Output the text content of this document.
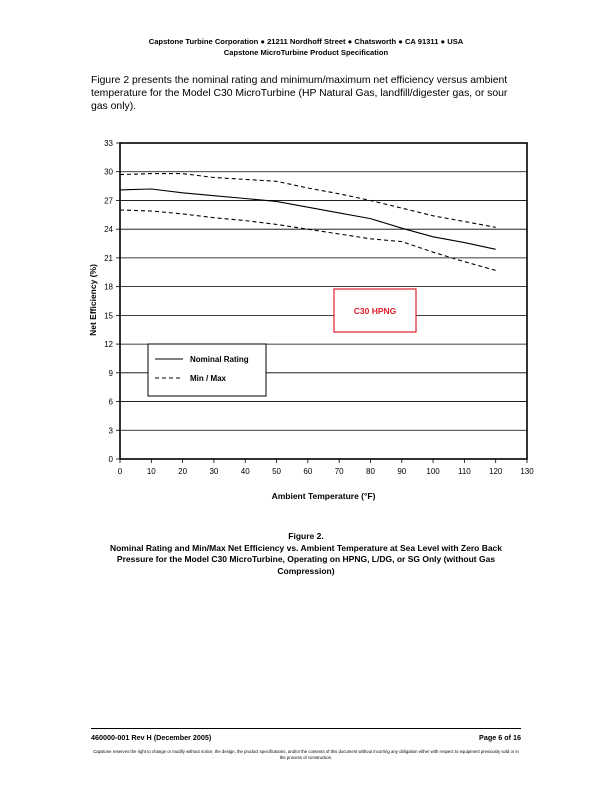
Capstone Turbine Corporation ● 21211 Nordhoff Street ● Chatsworth ● CA 91311 ● USA
Capstone MicroTurbine Product Specification
Figure 2 presents the nominal rating and minimum/maximum net efficiency versus ambient temperature for the Model C30 MicroTurbine (HP Natural Gas, landfill/digester gas, or sour gas only).
0
3
6
9
12
15
18
21
24
27
30
33
0	10	20	30	40	50	60	70	80	90	100 110 120 130
Nominal Rating
Min / Max
C30 HPNG
Net Efficiency (%)
Ambient Temperature (°F)
Figure 2.
Nominal Rating and Min/Max Net Efficiency vs. Ambient Temperature at Sea Level with Zero Back Pressure for the Model C30 MicroTurbine, Operating on HPNG, L/DG, or SG Only (without Gas Compression)
460000-001 Rev H (December 2005)	Page 6 of 16
Capstone reserves the right to change or modify without notice, the design, the product specifications, and/or the contents of this document without incurring any obligation either with respect to equipment previously sold or in the process of construction.
